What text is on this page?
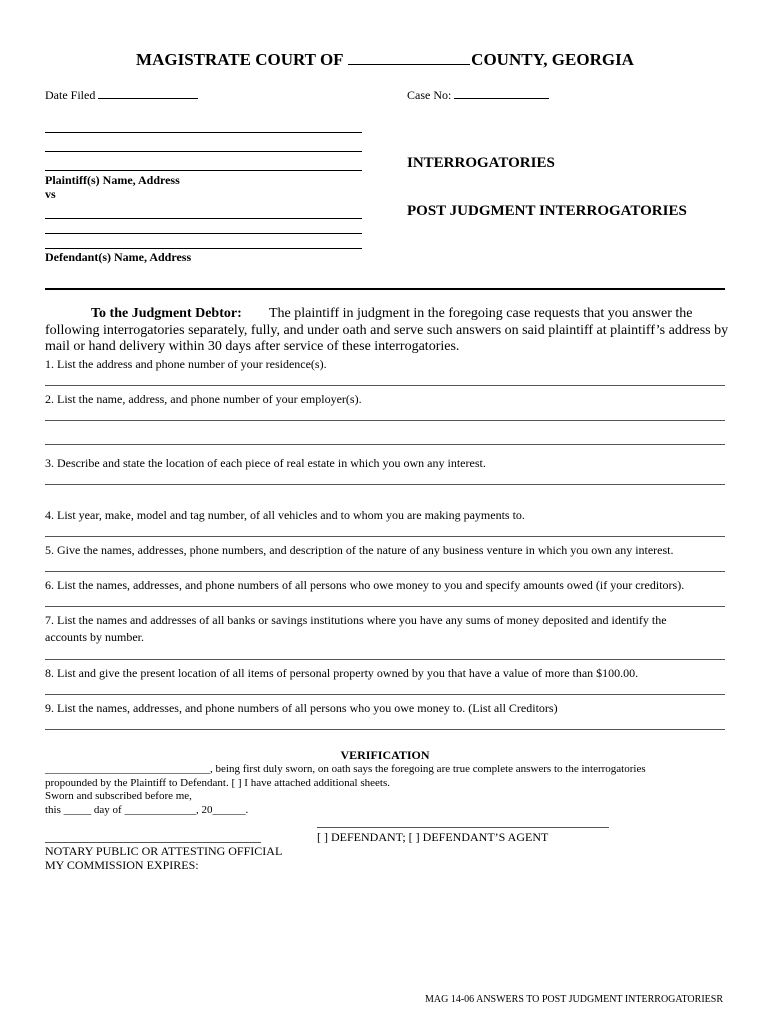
MAGISTRATE COURT OF	COUNTY, GEORGIA
Date Filed	Case No:
Plaintiff(s) Name, Address
vs
INTERROGATORIES
POST JUDGMENT INTERROGATORIES
Defendant(s) Name, Address
To the Judgment Debtor: The plaintiff in judgment in the foregoing case requests that you answer the
following interrogatories separately, fully, and under oath and serve such answers on said plaintiff at plaintiff’s address by
mail or hand delivery within 30 days after service of these interrogatories.
1. List the address and phone number of your residence(s).
2. List the name, address, and phone number of your employer(s).
3. Describe and state the location of each piece of real estate in which you own any interest.
4. List year, make, model and tag number, of all vehicles and to whom you are making payments to.
5. Give the names, addresses, phone numbers, and description of the nature of any business venture in which you own any interest.
6. List the names, addresses, and phone numbers of all persons who owe money to you and specify amounts owed (if your creditors).
7. List the names and addresses of all banks or savings institutions where you have any sums of money deposited and identify the
accounts by number.
8. List and give the present location of all items of personal property owned by you that have a value of more than $100.00.
9. List the names, addresses, and phone numbers of all persons who you owe money to. (List all Creditors)
VERIFICATION
______________________________, being first duly sworn, on oath says the foregoing are true complete answers to the interrogatories
propounded by the Plaintiff to Defendant. [ ] I have attached additional sheets.
Sworn and subscribed before me,
this _____ day of _____________, 20______.
NOTARY PUBLIC OR ATTESTING OFFICIAL
MY COMMISSION EXPIRES:
[ ] DEFENDANT; [ ] DEFENDANT’S AGENT
MAG 14-06 ANSWERS TO POST JUDGMENT INTERROGATORIESR
